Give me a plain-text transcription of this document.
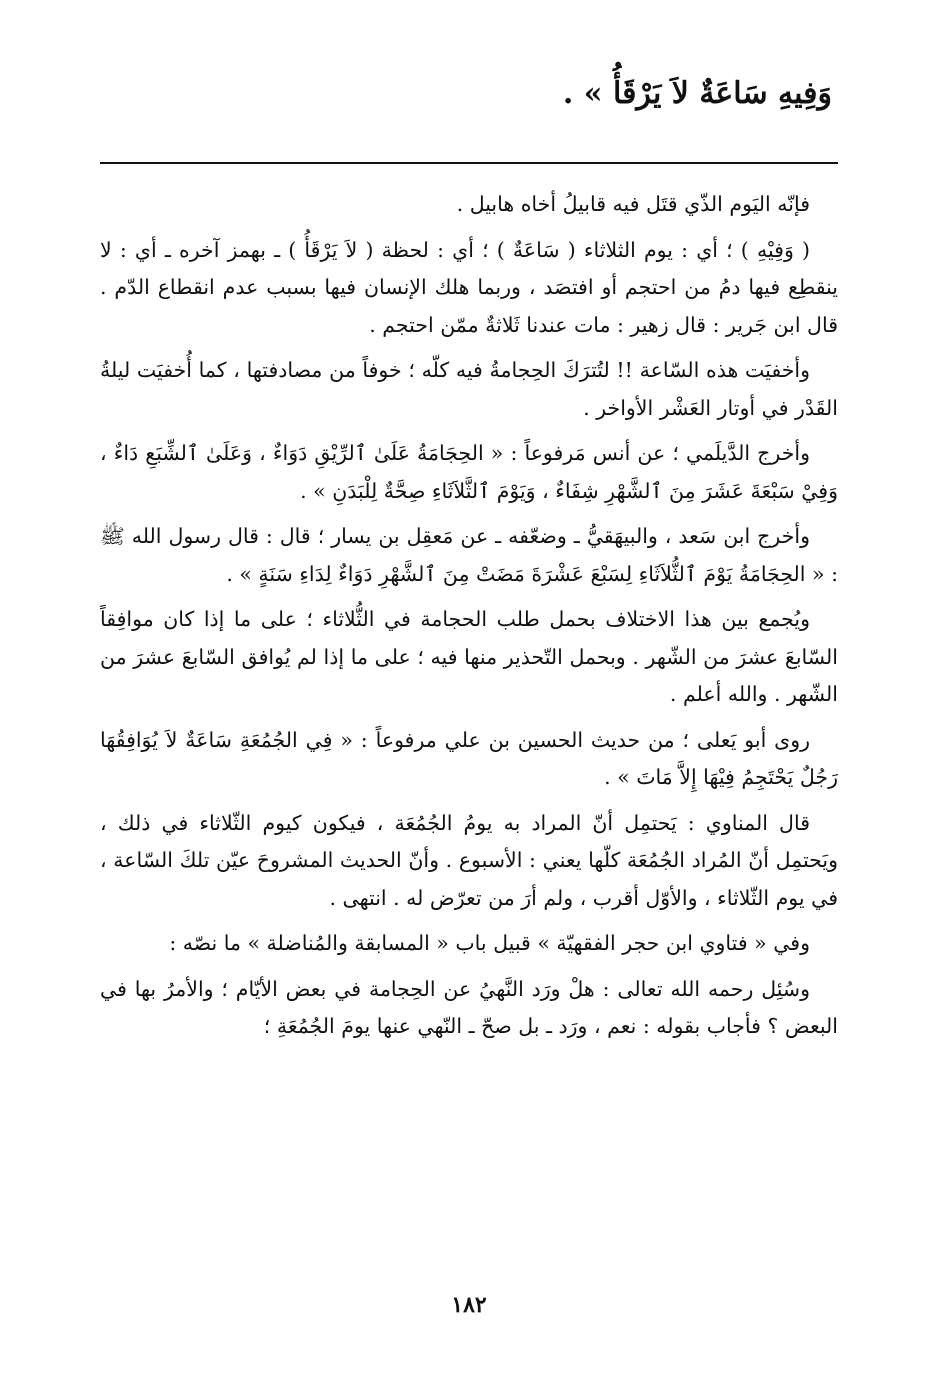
وَفِيهِ سَاعَةٌ لاَ يَرْقَأُ » .

فإنّه اليَوم الذّي قتَل فيه قابيلُ أخاه هابيل .

( وَفِيْهِ ) ؛ أي : يوم الثلاثاء ( سَاعَةٌ ) ؛ أي : لحظة ( لاَ يَرْقَأُ ) ـ بهمز آخره ـ أي : لا ينقطِع فيها دمُ من احتجم أو افتصَد ، وربما هلك الإنسان فيها بسبب عدم انقطاع الدّم . قال ابن جَرير : قال زهير : مات عندنا ثَلاثةٌ ممّن احتجم .

وأخفيَت هذه السّاعة !! لتُترَكَ الحِجامةُ فيه كلّه ؛ خوفاً من مصادفتها ، كما أُخفيَت ليلةُ القَدْر في أوتار العَشْر الأواخر .

وأخرج الدَّيلَمي ؛ عن أنس مَرفوعاً : « الحِجَامَةُ عَلَىٰ ٱلرِّيْقِ دَوَاءٌ ، وَعَلَىٰ ٱلشِّبَعِ دَاءٌ ، وَفِيْ سَبْعَةَ عَشَرَ مِنَ ٱلشَّهْرِ شِفَاءٌ ، وَيَوْمَ ٱلثَّلاَثَاءِ صِحَّةٌ لِلْبَدَنِ » .

وأخرج ابن سَعد ، والبيهَقيُّ ـ وضعّفه ـ عن مَعقِل بن يسار ؛ قال : قال رسول الله ﷺ : « الحِجَامَةُ يَوْمَ ٱلثُّلاَثَاءِ لِسَبْعَ عَشْرَةَ مَضَتْ مِنَ ٱلشَّهْرِ دَوَاءٌ لِدَاءِ سَنَةٍ » .

ويُجمع بين هذا الاختلاف بحمل طلب الحجامة في الثُّلاثاء ؛ على ما إذا كان موافِقاً السّابعَ عشرَ من الشّهر . وبحمل التّحذير منها فيه ؛ على ما إذا لم يُوافق السّابعَ عشرَ من الشّهر . والله أعلم .

روى أبو يَعلى ؛ من حديث الحسين بن علي مرفوعاً : « فِي الجُمُعَةِ سَاعَةٌ لاَ يُوَافِقُهَا رَجُلٌ يَحْتَجِمُ فِيْهَا إِلاَّ مَاتَ » .

قال المناوي : يَحتمِل أنّ المراد به يومُ الجُمُعَة ، فيكون كيوم الثّلاثاء في ذلك ، ويَحتمِل أنّ المُراد الجُمُعَة كلّها يعني : الأسبوع . وأنّ الحديث المشروحَ عيّن تلكَ السّاعة ، في يوم الثّلاثاء ، والأوّل أقرب ، ولم أرَ من تعرّض له . انتهى .

وفي « فتاوي ابن حجر الفقهيّة » قبيل باب « المسابقة والمُناضلة » ما نصّه :

وسُئِل رحمه الله تعالى : هلْ ورَد النَّهيُ عن الحِجامة في بعض الأيّام ؛ والأمرُ بها في البعض ؟ فأجاب بقوله : نعم ، ورَد ـ بل صحّ ـ النّهي عنها يومَ الجُمُعَةِ ؛

١٨٢
